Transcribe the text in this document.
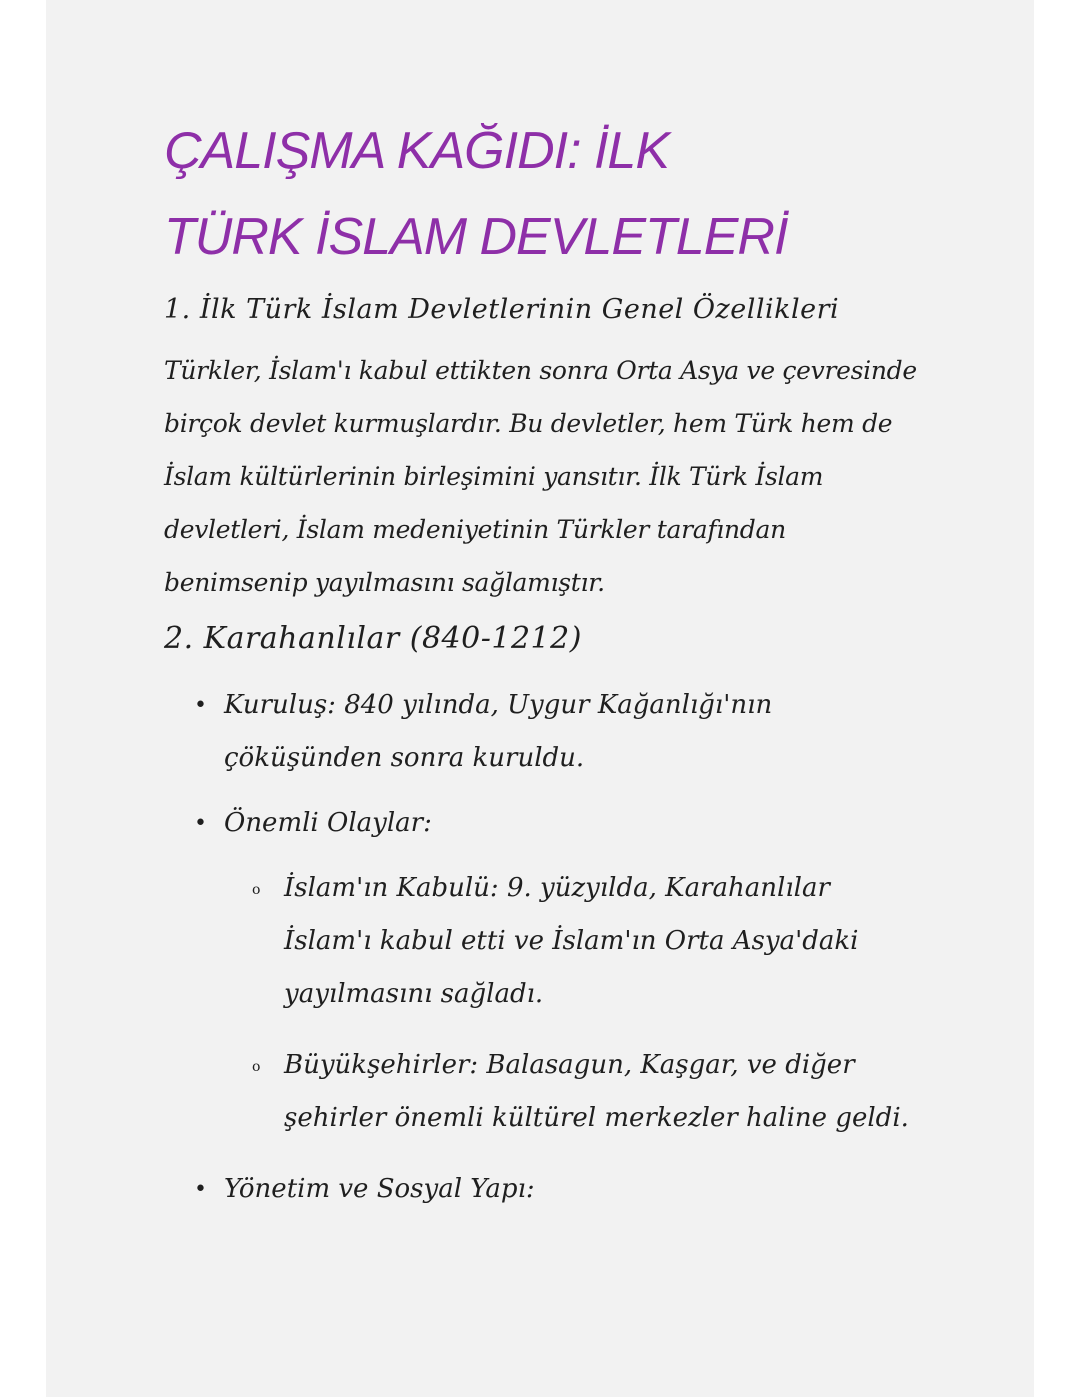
ÇALIŞMA KAĞIDI: İLK TÜRK İSLAM DEVLETLERİ
1. İlk Türk İslam Devletlerinin Genel Özellikleri

Türkler, İslam'ı kabul ettikten sonra Orta Asya ve çevresinde birçok devlet kurmuşlardır. Bu devletler, hem Türk hem de İslam kültürlerinin birleşimini yansıtır. İlk Türk İslam devletleri, İslam medeniyetinin Türkler tarafından benimsenip yayılmasını sağlamıştır.

2. Karahanlılar (840-1212)
• Kuruluş: 840 yılında, Uygur Kağanlığı'nın çöküşünden sonra kuruldu.
• Önemli Olaylar:
o İslam'ın Kabulü: 9. yüzyılda, Karahanlılar İslam'ı kabul etti ve İslam'ın Orta Asya'daki yayılmasını sağladı.
o Büyükşehirler: Balasagun, Kaşgar, ve diğer şehirler önemli kültürel merkezler haline geldi.
• Yönetim ve Sosyal Yapı:
